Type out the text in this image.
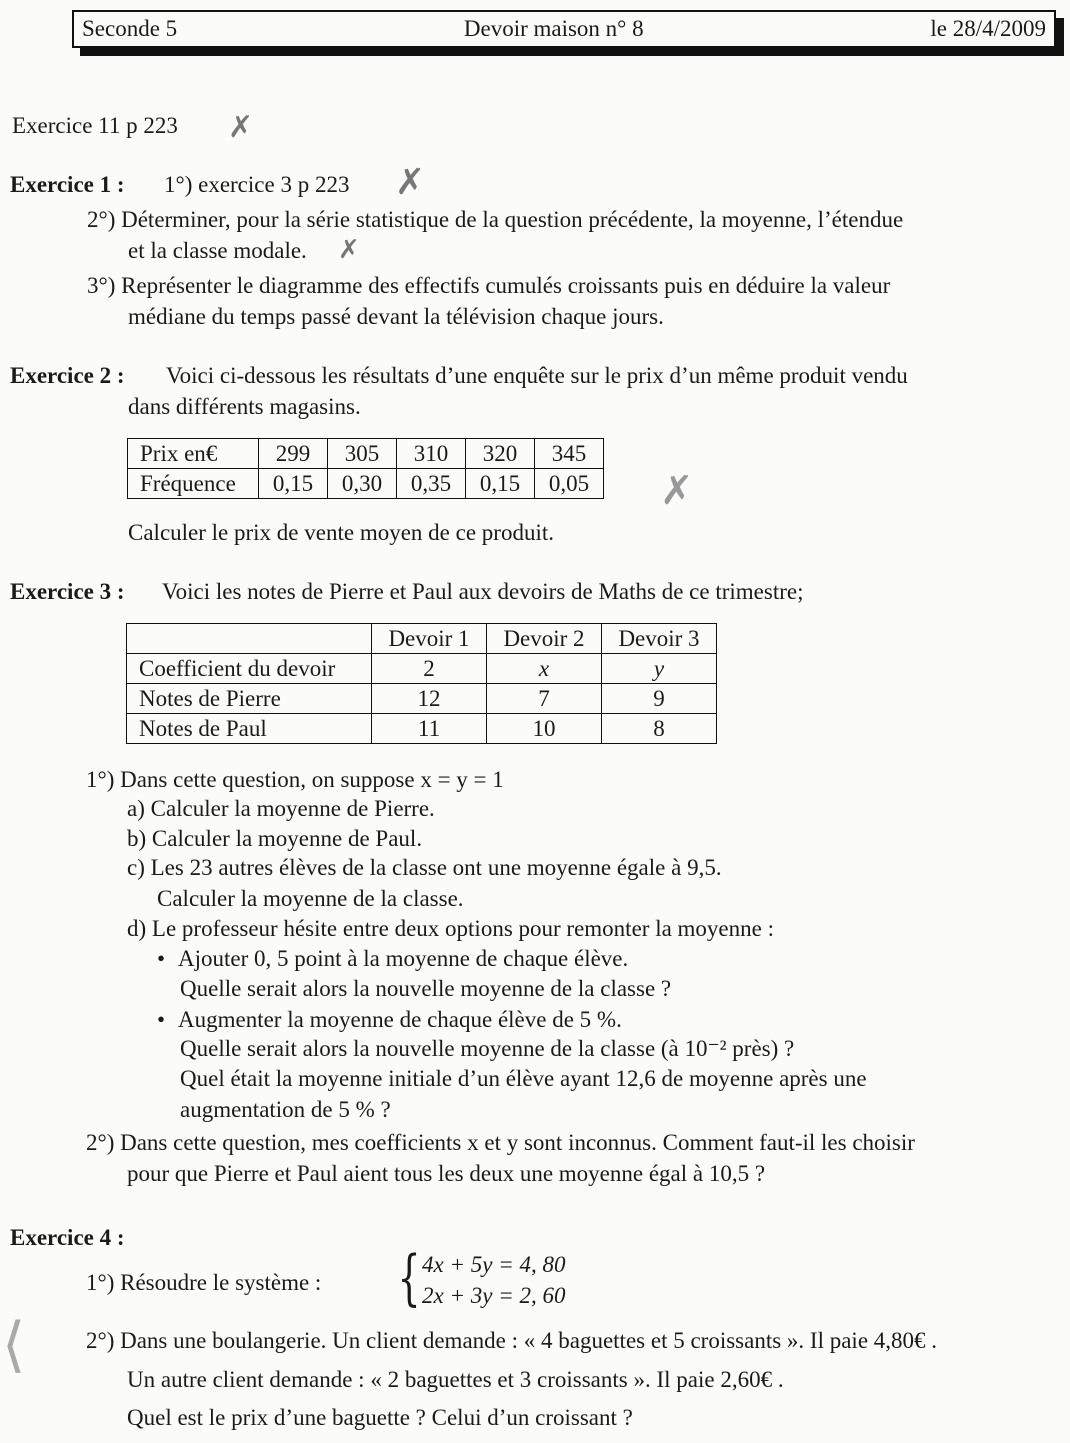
Seconde 5	Devoir maison n° 8	le 28/4/2009
Exercice 11 p 223 ✗
Exercice 1 : 1°) exercice 3 p 223 ✗
2°) Déterminer, pour la série statistique de la question précédente, la moyenne, l’étendue
et la classe modale. ✗
3°) Représenter le diagramme des effectifs cumulés croissants puis en déduire la valeur
médiane du temps passé devant la télévision chaque jours.
Exercice 2 : Voici ci-dessous les résultats d’une enquête sur le prix d’un même produit vendu
dans différents magasins.
Prix en€	299	305	310	320	345
Fréquence	0,15	0,30	0,35	0,15	0,05 ✗
Calculer le prix de vente moyen de ce produit.
Exercice 3 : Voici les notes de Pierre et Paul aux devoirs de Maths de ce trimestre;
	Devoir 1	Devoir 2	Devoir 3
Coefficient du devoir	2	x	y
Notes de Pierre	12	7	9
Notes de Paul	11	10	8
1°) Dans cette question, on suppose x = y = 1
a) Calculer la moyenne de Pierre.
b) Calculer la moyenne de Paul.
c) Les 23 autres élèves de la classe ont une moyenne égale à 9,5.
Calculer la moyenne de la classe.
d) Le professeur hésite entre deux options pour remonter la moyenne :
• Ajouter 0, 5 point à la moyenne de chaque élève.
Quelle serait alors la nouvelle moyenne de la classe ?
• Augmenter la moyenne de chaque élève de 5 %.
Quelle serait alors la nouvelle moyenne de la classe (à 10⁻² près) ?
Quel était la moyenne initiale d’un élève ayant 12,6 de moyenne après une
augmentation de 5 % ?
2°) Dans cette question, mes coefficients x et y sont inconnus. Comment faut-il les choisir
pour que Pierre et Paul aient tous les deux une moyenne égal à 10,5 ?
Exercice 4 :
1°) Résoudre le système : { 4x + 5y = 4, 80
2x + 3y = 2, 60
2°) Dans une boulangerie. Un client demande : « 4 baguettes et 5 croissants ». Il paie 4,80€ .
Un autre client demande : « 2 baguettes et 3 croissants ». Il paie 2,60€ .
Quel est le prix d’une baguette ? Celui d’un croissant ?
⟨
